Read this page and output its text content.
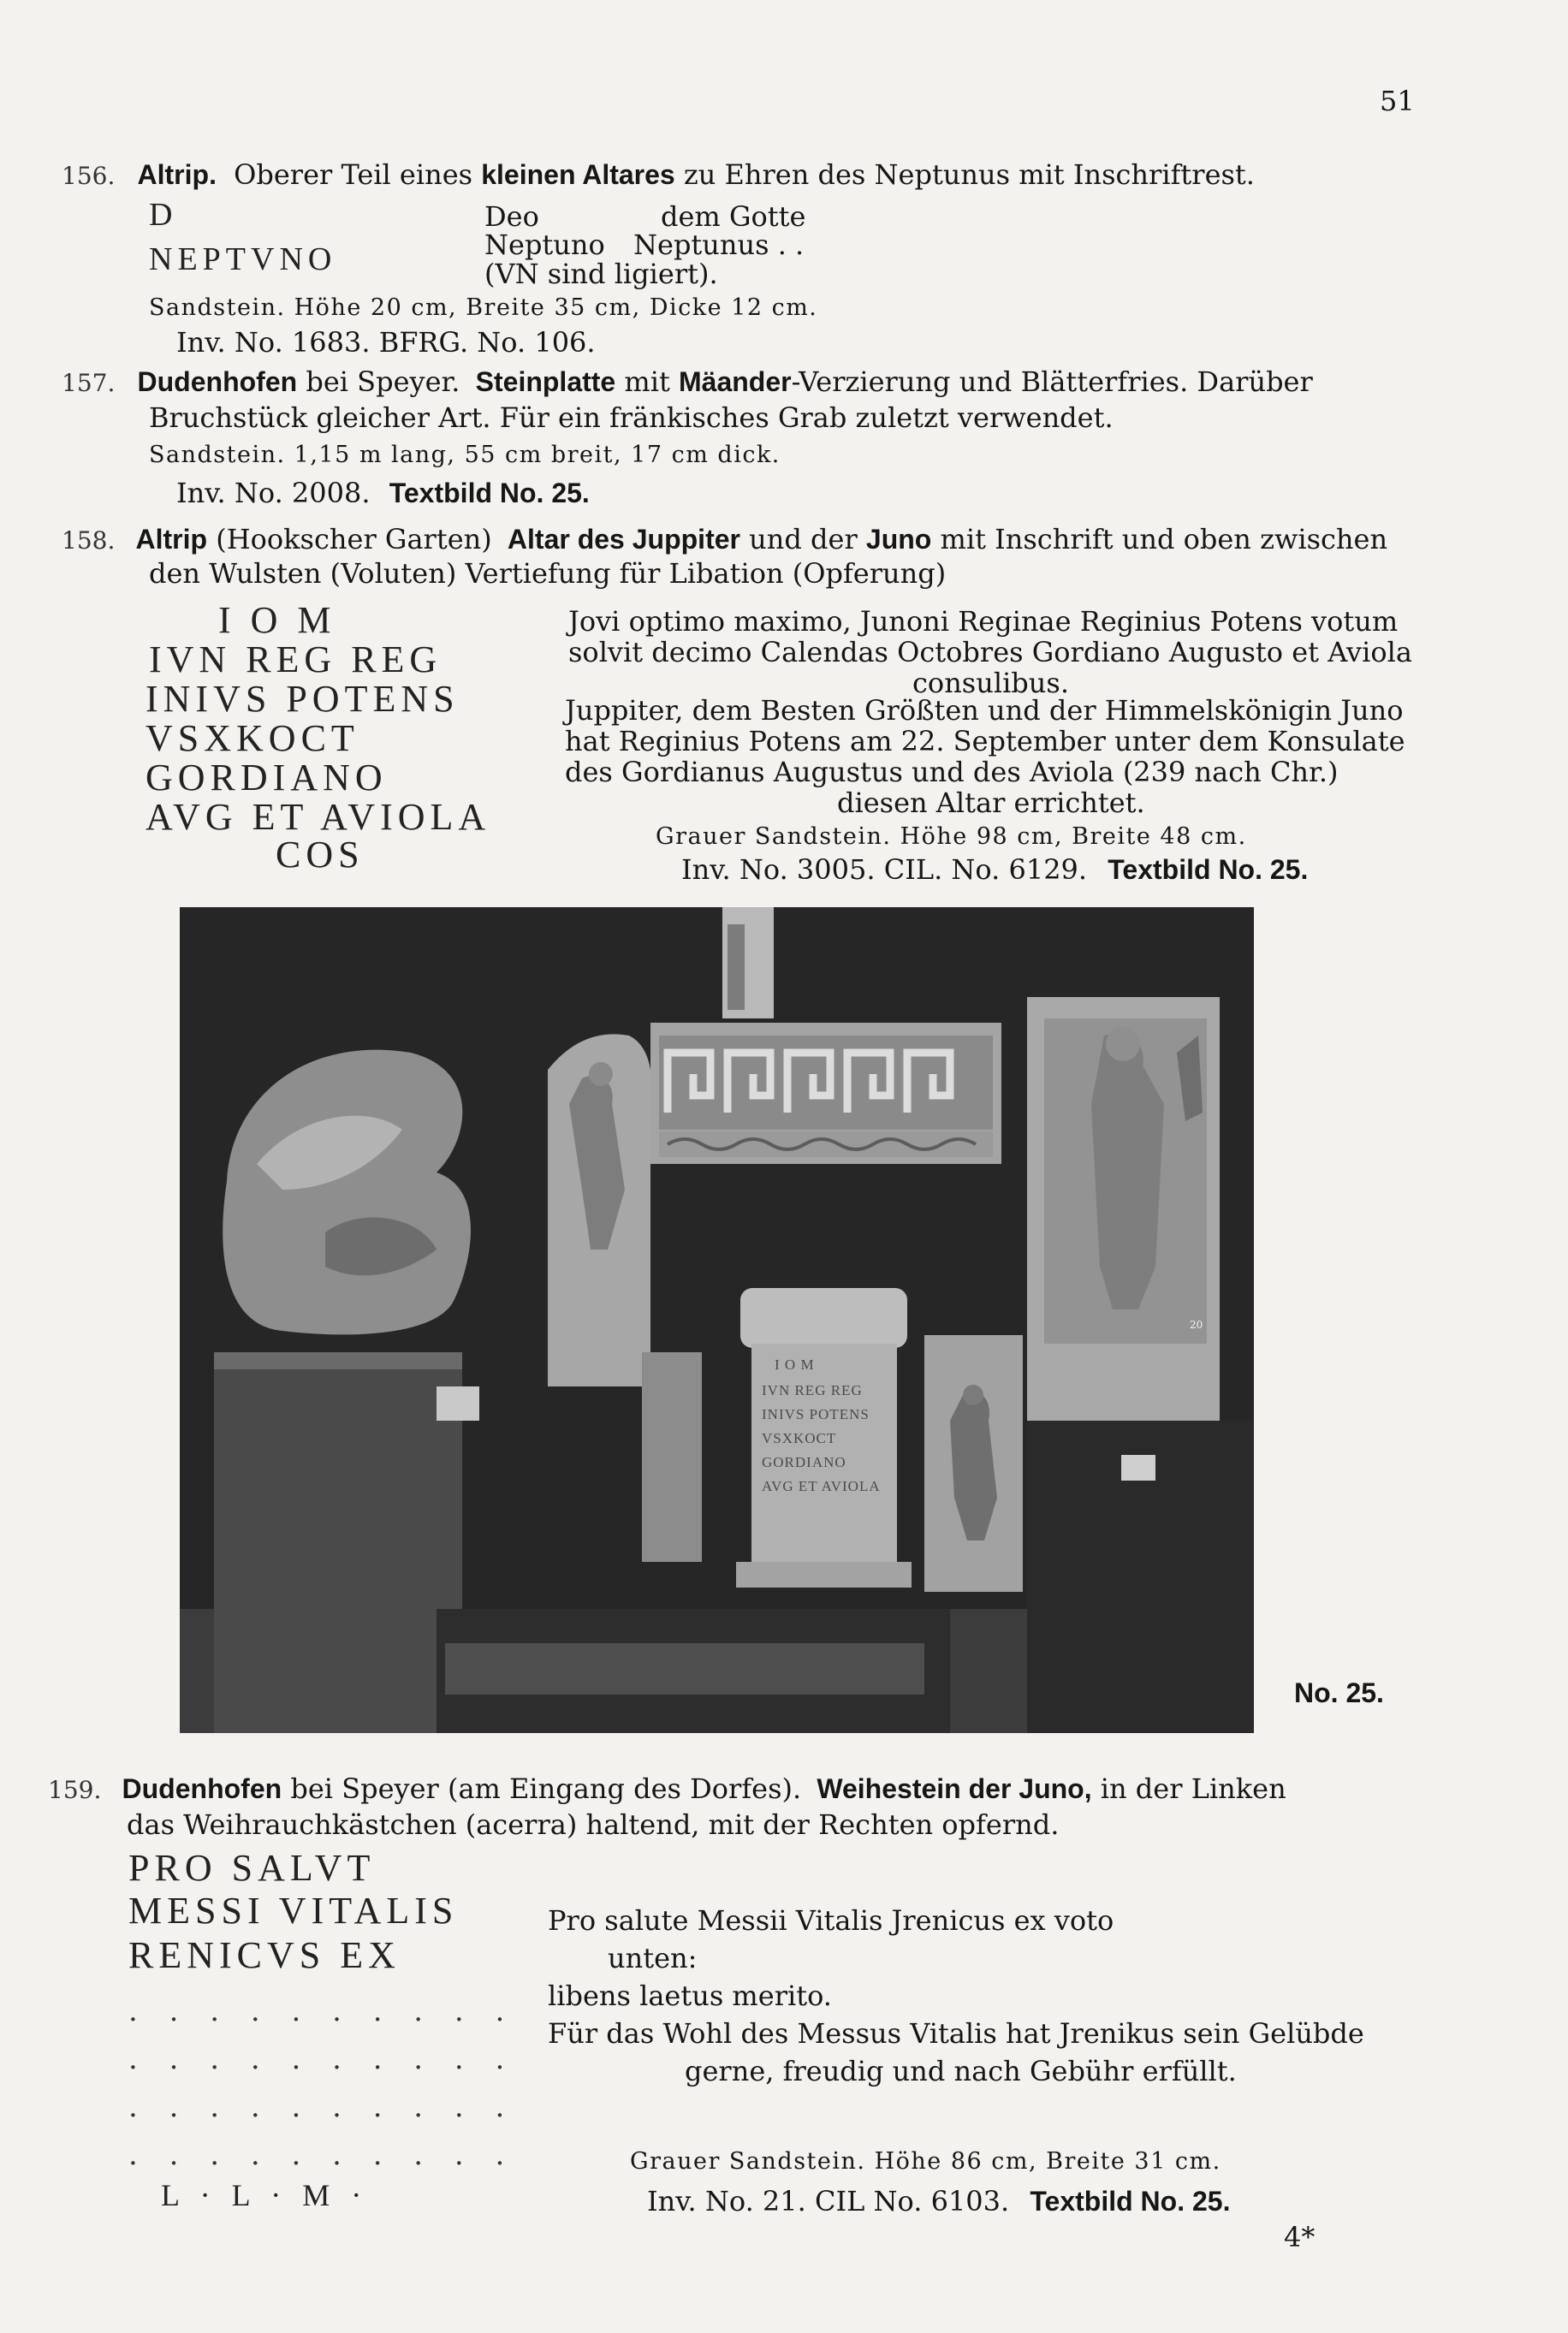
51
156. Altrip. Oberer Teil eines kleinen Altares zu Ehren des Neptunus mit Inschriftrest.
D
NEPTVNO
Deo	dem Gotte
Neptuno Neptunus . .
(VN sind ligiert).
Sandstein. Höhe 20 cm, Breite 35 cm, Dicke 12 cm.
Inv. No. 1683. BFRG. No. 106.
157. Dudenhofen bei Speyer. Steinplatte mit Mäander-Verzierung und Blätterfries. Darüber
Bruchstück gleicher Art. Für ein fränkisches Grab zuletzt verwendet.
Sandstein. 1,15 m lang, 55 cm breit, 17 cm dick.
Inv. No. 2008. Textbild No. 25.
158. Altrip (Hookscher Garten) Altar des Juppiter und der Juno mit Inschrift und oben zwischen
den Wulsten (Voluten) Vertiefung für Libation (Opferung)
I O M
IVN REG REG
INIVS POTENS
VSXKOCT
GORDIANO
AVG ET AVIOLA
COS
Jovi optimo maximo, Junoni Reginae Reginius Potens votum
solvit decimo Calendas Octobres Gordiano Augusto et Aviola
consulibus.
Juppiter, dem Besten Größten und der Himmelskönigin Juno
hat Reginius Potens am 22. September unter dem Konsulate
des Gordianus Augustus und des Aviola (239 nach Chr.)
diesen Altar errichtet.
Grauer Sandstein. Höhe 98 cm, Breite 48 cm.
Inv. No. 3005. CIL. No. 6129. Textbild No. 25.
20
I O M
IVN REG REG
INIVS POTENS
VSXKOCT
GORDIANO
AVG ET AVIOLA
No. 25.
159. Dudenhofen bei Speyer (am Eingang des Dorfes). Weihestein der Juno, in der Linken
das Weihrauchkästchen (acerra) haltend, mit der Rechten opfernd.
PRO SALVT
MESSI VITALIS
RENICVS EX
. . . . . . . . . .
. . . . . . . . . .
. . . . . . . . . .
. . . . . . . . . .
L · L · M ·
Pro salute Messii Vitalis Jrenicus ex voto
unten:
libens laetus merito.
Für das Wohl des Messus Vitalis hat Jrenikus sein Gelübde
gerne, freudig und nach Gebühr erfüllt.
Grauer Sandstein. Höhe 86 cm, Breite 31 cm.
Inv. No. 21. CIL No. 6103. Textbild No. 25.
4*
